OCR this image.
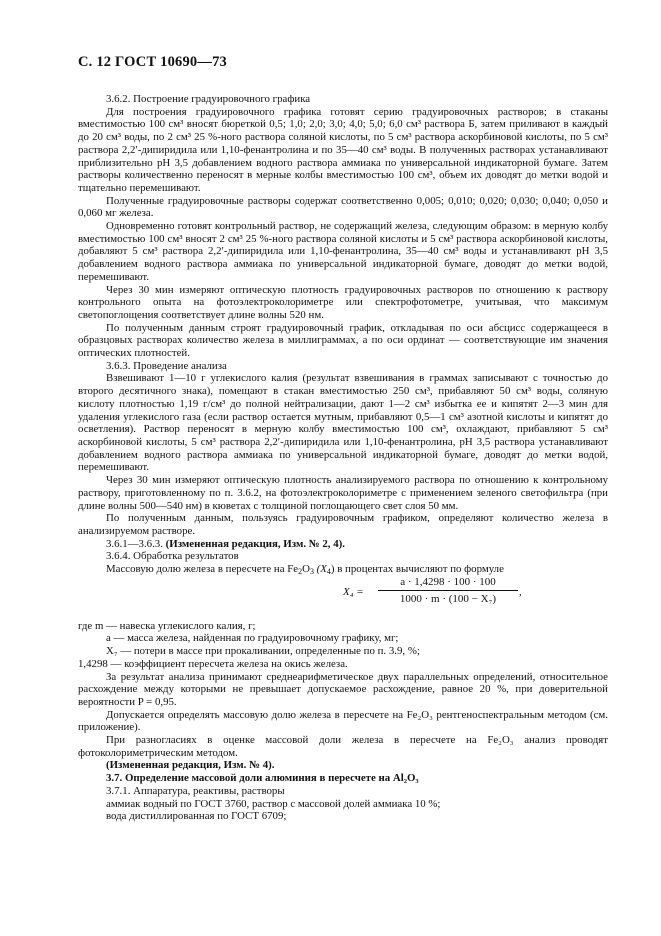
С. 12 ГОСТ 10690—73

3.6.2. Построение градуировочного графика

Для построения градуировочного графика готовят серию градуировочных растворов; в стаканы вместимостью 100 см³ вносят бюреткой 0,5; 1,0; 2,0; 3,0; 4,0; 5,0; 6,0 см³ раствора Б, затем приливают в каждый до 20 см³ воды, по 2 см³ 25 %-ного раствора соляной кислоты, по 5 см³ раствора аскорбиновой кислоты, по 5 см³ раствора 2,2′-дипиридила или 1,10-фенантролина и по 35—40 см³ воды. В полученных растворах устанавливают приблизительно pH 3,5 добавлением водного раствора аммиака по универсальной индикаторной бумаге. Затем растворы количественно переносят в мерные колбы вместимостью 100 см³, объем их доводят до метки водой и тщательно перемешивают.

Полученные градуировочные растворы содержат соответственно 0,005; 0,010; 0,020; 0,030; 0,040; 0,050 и 0,060 мг железа.

Одновременно готовят контрольный раствор, не содержащий железа, следующим образом: в мерную колбу вместимостью 100 см³ вносят 2 см³ 25 %-ного раствора соляной кислоты и 5 см³ раствора аскорбиновой кислоты, добавляют 5 см³ раствора 2,2′-дипиридила или 1,10-фенантролина, 35—40 см³ воды и устанавливают pH 3,5 добавлением водного раствора аммиака по универсальной индикаторной бумаге, доводят до метки водой, перемешивают.

Через 30 мин измеряют оптическую плотность градуировочных растворов по отношению к раствору контрольного опыта на фотоэлектроколориметре или спектрофотометре, учитывая, что максимум светопоглощения соответствует длине волны 520 нм.

По полученным данным строят градуировочный график, откладывая по оси абсцисс содержащееся в образцовых растворах количество железа в миллиграммах, а по оси ординат — соответствующие им значения оптических плотностей.

3.6.3. Проведение анализа

Взвешивают 1—10 г углекислого калия (результат взвешивания в граммах записывают с точностью до второго десятичного знака), помещают в стакан вместимостью 250 см³, прибавляют 50 см³ воды, соляную кислоту плотностью 1,19 г/см³ до полной нейтрализации, дают 1—2 см³ избытка ее и кипятят 2—3 мин для удаления углекислого газа (если раствор остается мутным, прибавляют 0,5—1 см³ азотной кислоты и кипятят до осветления). Раствор переносят в мерную колбу вместимостью 100 см³, охлаждают, прибавляют 5 см³ аскорбиновой кислоты, 5 см³ раствора 2,2′-дипиридила или 1,10-фенантролина, pH 3,5 раствора устанавливают добавлением водного раствора аммиака по универсальной индикаторной бумаге, доводят до метки водой, перемешивают.

Через 30 мин измеряют оптическую плотность анализируемого раствора по отношению к контрольному раствору, приготовленному по п. 3.6.2, на фотоэлектроколориметре с применением зеленого светофильтра (при длине волны 500—540 нм) в кюветах с толщиной поглощающего свет слоя 50 мм.

По полученным данным, пользуясь градуировочным графиком, определяют количество железа в анализируемом растворе.

3.6.1—3.6.3. (Измененная редакция, Изм. № 2, 4).

3.6.4. Обработка результатов

Массовую долю железа в пересчете на $Fe_2O_3$ $(X_4)$ в процентах вычисляют по формуле

$X_4 = \frac{a \cdot 1,4298 \cdot 100 \cdot 100}{\text{1000 · m · (100 − X₇)}}$ ,

где m — навеска углекислого калия, г;

a — масса железа, найденная по градуировочному графику, мг;

X₇ — потери в массе при прокаливании, определенные по п. 3.9, %;

1,4298 — коэффициент пересчета железа на окись железа.

За результат анализа принимают среднеарифметическое двух параллельных определений, относительное расхождение между которыми не превышает допускаемое расхождение, равное 20 %, при доверительной вероятности P = 0,95.

Допускается определять массовую долю железа в пересчете на Fe₂O₃ рентгеноспектральным методом (см. приложение).

При разногласиях в оценке массовой доли железа в пересчете на Fe₂O₃ анализ проводят фотоколориметрическим методом.

(Измененная редакция, Изм. № 4).

3.7. Определение массовой доли алюминия в пересчете на Al₂O₃

3.7.1. Аппаратура, реактивы, растворы

аммиак водный по ГОСТ 3760, раствор с массовой долей аммиака 10 %;

вода дистиллированная по ГОСТ 6709;
